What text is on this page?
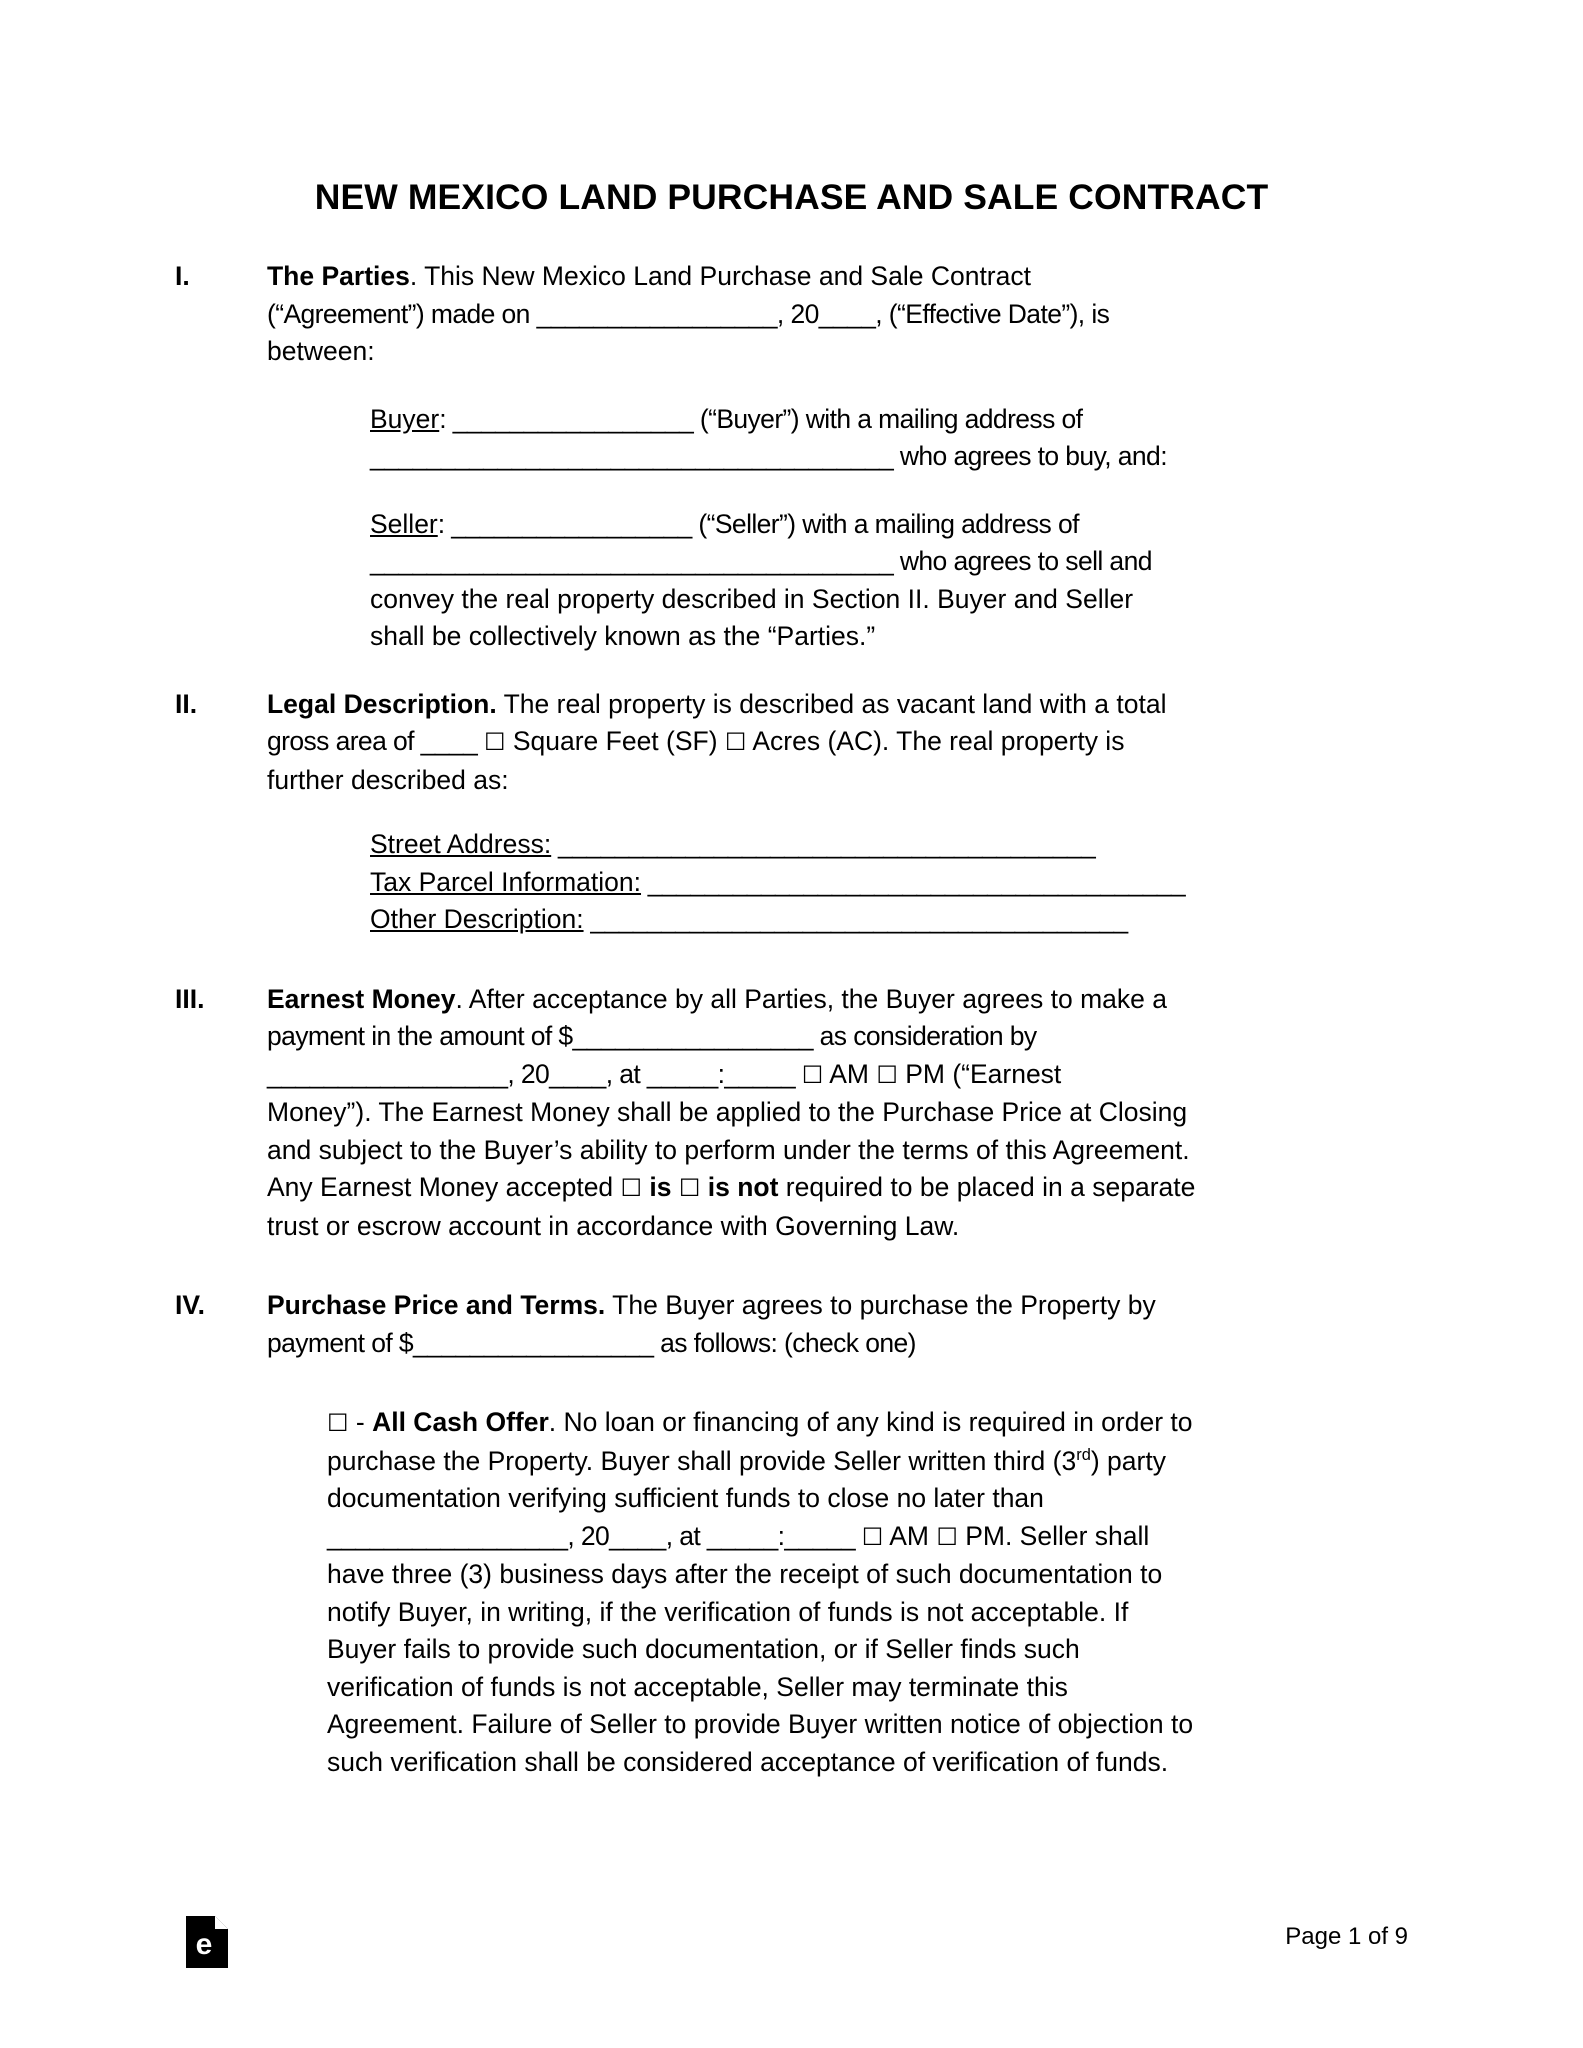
NEW MEXICO LAND PURCHASE AND SALE CONTRACT
I.	The Parties. This New Mexico Land Purchase and Sale Contract
(“Agreement”) made on _________________, 20____, (“Effective Date”), is
between:

Buyer: _________________ (“Buyer”) with a mailing address of
_____________________________________ who agrees to buy, and:

Seller: _________________ (“Seller”) with a mailing address of
_____________________________________ who agrees to sell and
convey the real property described in Section II. Buyer and Seller
shall be collectively known as the “Parties.”

II.	Legal Description. The real property is described as vacant land with a total
gross area of ____ ☐ Square Feet (SF) ☐ Acres (AC). The real property is
further described as:

Street Address: ______________________________________

Tax Parcel Information: ______________________________________

Other Description: ______________________________________

III.	Earnest Money. After acceptance by all Parties, the Buyer agrees to make a
payment in the amount of $_________________ as consideration by
_________________, 20____, at _____:_____ ☐ AM ☐ PM (“Earnest
Money”). The Earnest Money shall be applied to the Purchase Price at Closing
and subject to the Buyer’s ability to perform under the terms of this Agreement.
Any Earnest Money accepted ☐ is ☐ is not required to be placed in a separate
trust or escrow account in accordance with Governing Law.

IV.	Purchase Price and Terms. The Buyer agrees to purchase the Property by
payment of $_________________ as follows: (check one)

☐ - All Cash Offer. No loan or financing of any kind is required in order to
purchase the Property. Buyer shall provide Seller written third (3rd) party
documentation verifying sufficient funds to close no later than
_________________, 20____, at _____:_____ ☐ AM ☐ PM. Seller shall
have three (3) business days after the receipt of such documentation to
notify Buyer, in writing, if the verification of funds is not acceptable. If
Buyer fails to provide such documentation, or if Seller finds such
verification of funds is not acceptable, Seller may terminate this
Agreement. Failure of Seller to provide Buyer written notice of objection to
such verification shall be considered acceptance of verification of funds.

e	Page 1 of 9
